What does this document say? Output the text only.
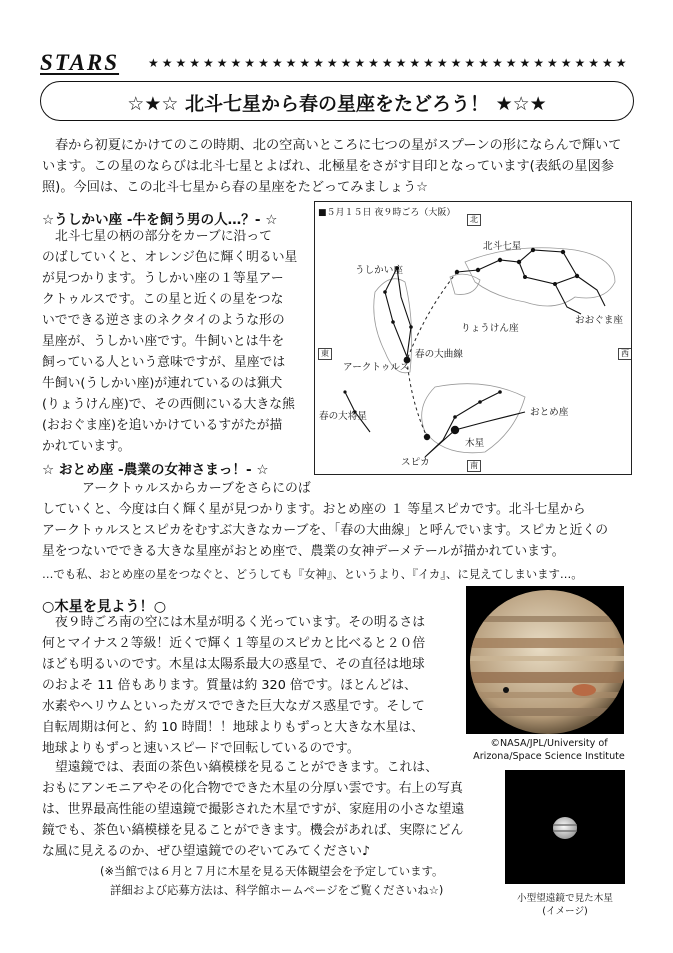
STARS ★★★★★★★★★★★★★★★★★★★★★★★★★★★★★★★★★★★
☆★☆ 北斗七星から春の星座をたどろう！ ★☆★
春から初夏にかけてのこの時期、北の空高いところに七つの星がスプーンの形にならんで輝いて
います。この星のならびは北斗七星とよばれ、北極星をさがす目印となっています(表紙の星図参
照)。今回は、この北斗七星から春の星座をたどってみましょう☆
☆うしかい座 -牛を飼う男の人…？- ☆
北斗七星の柄の部分をカーブに沿って
のばしていくと、オレンジ色に輝く明るい星
が見つかります。うしかい座の１等星アー
クトゥルスです。この星と近くの星をつな
いでできる逆さまのネクタイのような形の
星座が、うしかい座です。牛飼いとは牛を
飼っている人という意味ですが、星座では
牛飼い(うしかい座)が連れているのは猟犬
(りょうけん座)で、その西側にいる大きな熊
(おおぐま座)を追いかけているすがたが描
かれています。
■５月１５日 夜９時ごろ（大阪）
北
南
東	西
北斗七星
うしかい座
おおぐま座
りょうけん座
春の大曲線
アークトゥルス
春の大将星	おとめ座
木星
スピカ
☆ おとめ座 -農業の女神さまっ！- ☆
アークトゥルスからカーブをさらにのば
していくと、今度は白く輝く星が見つかります。おとめ座の １ 等星スピカです。北斗七星から
アークトゥルスとスピカをむすぶ大きなカーブを、「春の大曲線」と呼んでいます。スピカと近くの
星をつないでできる大きな星座がおとめ座で、農業の女神デーメテールが描かれています。
…でも私、おとめ座の星をつなぐと、どうしても『女神』、というより、『イカ』、に見えてしまいます…。
○木星を見よう！○
夜９時ごろ南の空には木星が明るく光っています。その明るさは
何とマイナス２等級！近くで輝く１等星のスピカと比べると２０倍
ほども明るいのです。木星は太陽系最大の惑星で、その直径は地球
のおよそ 11 倍もあります。質量は約 320 倍です。ほとんどは、
水素やヘリウムといったガスでできた巨大なガス惑星です。そして
自転周期は何と、約 10 時間！！地球よりもずっと大きな木星は、
地球よりもずっと速いスピードで回転しているのです。	©NASA/JPL/University of
Arizona/Space Science Institute
望遠鏡では、表面の茶色い縞模様を見ることができます。これは、
おもにアンモニアやその化合物でできた木星の分厚い雲です。右上の写真
は、世界最高性能の望遠鏡で撮影された木星ですが、家庭用の小さな望遠
鏡でも、茶色い縞模様を見ることができます。機会があれば、実際にどん
な風に見えるのか、ぜひ望遠鏡でのぞいてみてください♪
(※当館では６月と７月に木星を見る天体観望会を予定しています。
詳細および応募方法は、科学館ホームページをご覧くださいね☆)
小型望遠鏡で見た木星
(イメージ)
